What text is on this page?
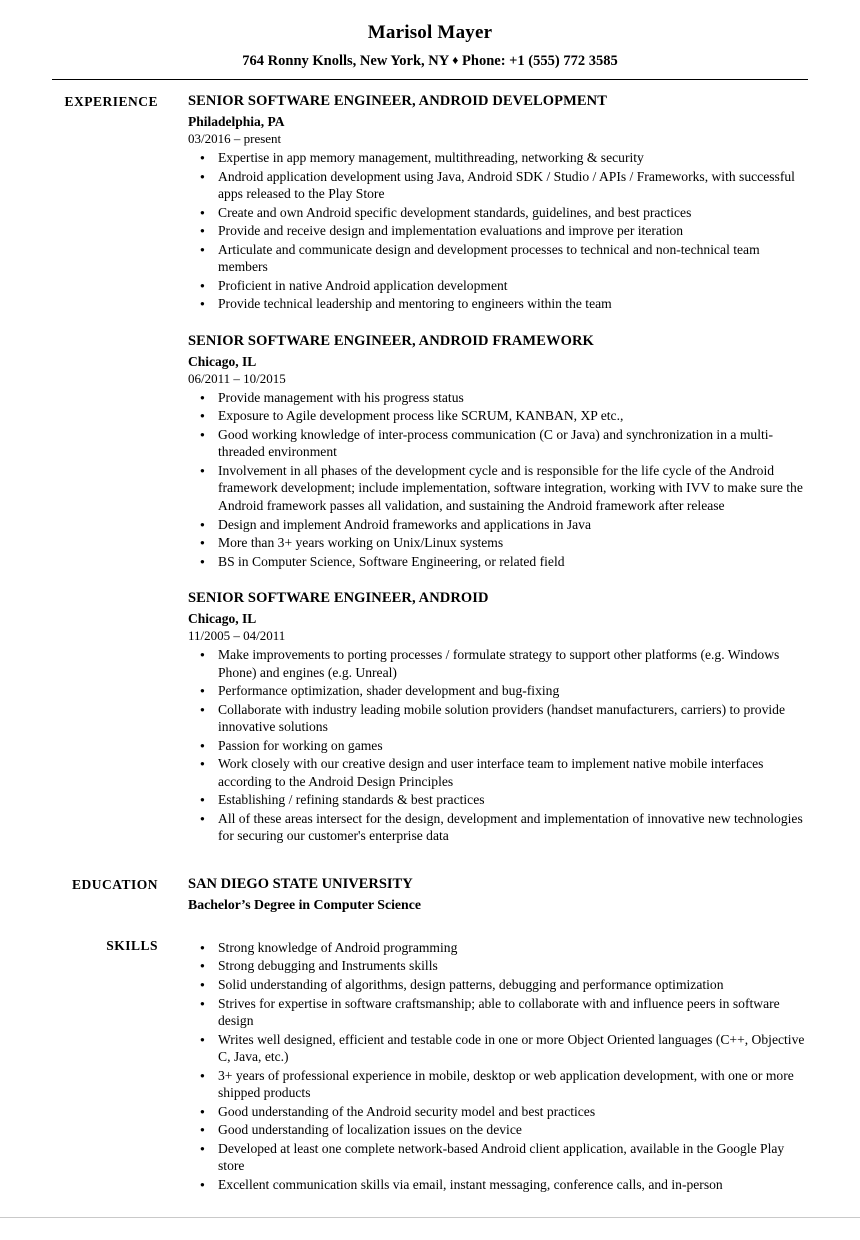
Marisol Mayer
764 Ronny Knolls, New York, NY ♦ Phone: +1 (555) 772 3585
EXPERIENCE SENIOR SOFTWARE ENGINEER, ANDROID DEVELOPMENT
Philadelphia, PA
03/2016 – present
● Expertise in app memory management, multithreading, networking & security
● Android application development using Java, Android SDK / Studio / APIs / Frameworks, with successful apps released to the Play Store
● Create and own Android specific development standards, guidelines, and best practices
● Provide and receive design and implementation evaluations and improve per iteration
● Articulate and communicate design and development processes to technical and non-technical team members
● Proficient in native Android application development
● Provide technical leadership and mentoring to engineers within the team
SENIOR SOFTWARE ENGINEER, ANDROID FRAMEWORK
Chicago, IL
06/2011 – 10/2015
● Provide management with his progress status
● Exposure to Agile development process like SCRUM, KANBAN, XP etc.,
● Good working knowledge of inter-process communication (C or Java) and synchronization in a multi-threaded environment
● Involvement in all phases of the development cycle and is responsible for the life cycle of the Android framework development; include implementation, software integration, working with IVV to make sure the Android framework passes all validation, and sustaining the Android framework after release
● Design and implement Android frameworks and applications in Java
● More than 3+ years working on Unix/Linux systems
● BS in Computer Science, Software Engineering, or related field
SENIOR SOFTWARE ENGINEER, ANDROID
Chicago, IL
11/2005 – 04/2011
● Make improvements to porting processes / formulate strategy to support other platforms (e.g. Windows Phone) and engines (e.g. Unreal)
● Performance optimization, shader development and bug-fixing
● Collaborate with industry leading mobile solution providers (handset manufacturers, carriers) to provide innovative solutions
● Passion for working on games
● Work closely with our creative design and user interface team to implement native mobile interfaces according to the Android Design Principles
● Establishing / refining standards & best practices
● All of these areas intersect for the design, development and implementation of innovative new technologies for securing our customer's enterprise data
EDUCATION SAN DIEGO STATE UNIVERSITY
Bachelor’s Degree in Computer Science
SKILLS	● Strong knowledge of Android programming
● Strong debugging and Instruments skills
● Solid understanding of algorithms, design patterns, debugging and performance optimization
● Strives for expertise in software craftsmanship; able to collaborate with and influence peers in software design
● Writes well designed, efficient and testable code in one or more Object Oriented languages (C++, Objective C, Java, etc.)
● 3+ years of professional experience in mobile, desktop or web application development, with one or more shipped products
● Good understanding of the Android security model and best practices
● Good understanding of localization issues on the device
● Developed at least one complete network-based Android client application, available in the Google Play store
● Excellent communication skills via email, instant messaging, conference calls, and in-person
